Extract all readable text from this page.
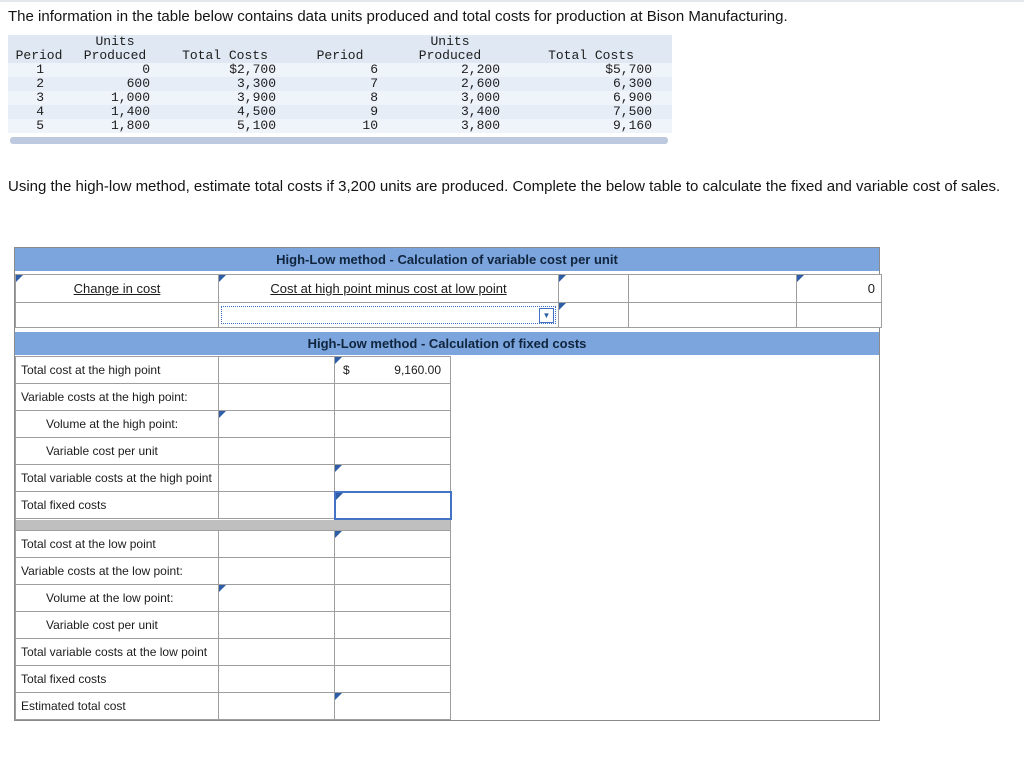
The information in the table below contains data units produced and total costs for production at Bison Manufacturing.

	Units			Units	
Period	Produced	Total Costs	Period	Produced	Total Costs
1	0	$2,700	6	2,200	$5,700
2	600	3,300	7	2,600	6,300
3	1,000	3,900	8	3,000	6,900
4	1,400	4,500	9	3,400	7,500
5	1,800	5,100	10	3,800	9,160

Using the high-low method, estimate total costs if 3,200 units are produced. Complete the below table to calculate the fixed and variable cost of sales.

High-Low method - Calculation of variable cost per unit
Change in cost	Cost at high point minus cost at low point			0

	▼			

High-Low method - Calculation of fixed costs
Total cost at the high point		$ 9,160.00

Variable costs at the high point:		
Volume at the high point:	

Variable cost per unit		
Total variable costs at the high point		

Total fixed costs		

Total cost at the low point		

Variable costs at the low point:		
Volume at the low point:	

Variable cost per unit		
Total variable costs at the low point		
Total fixed costs		
Estimated total cost		
